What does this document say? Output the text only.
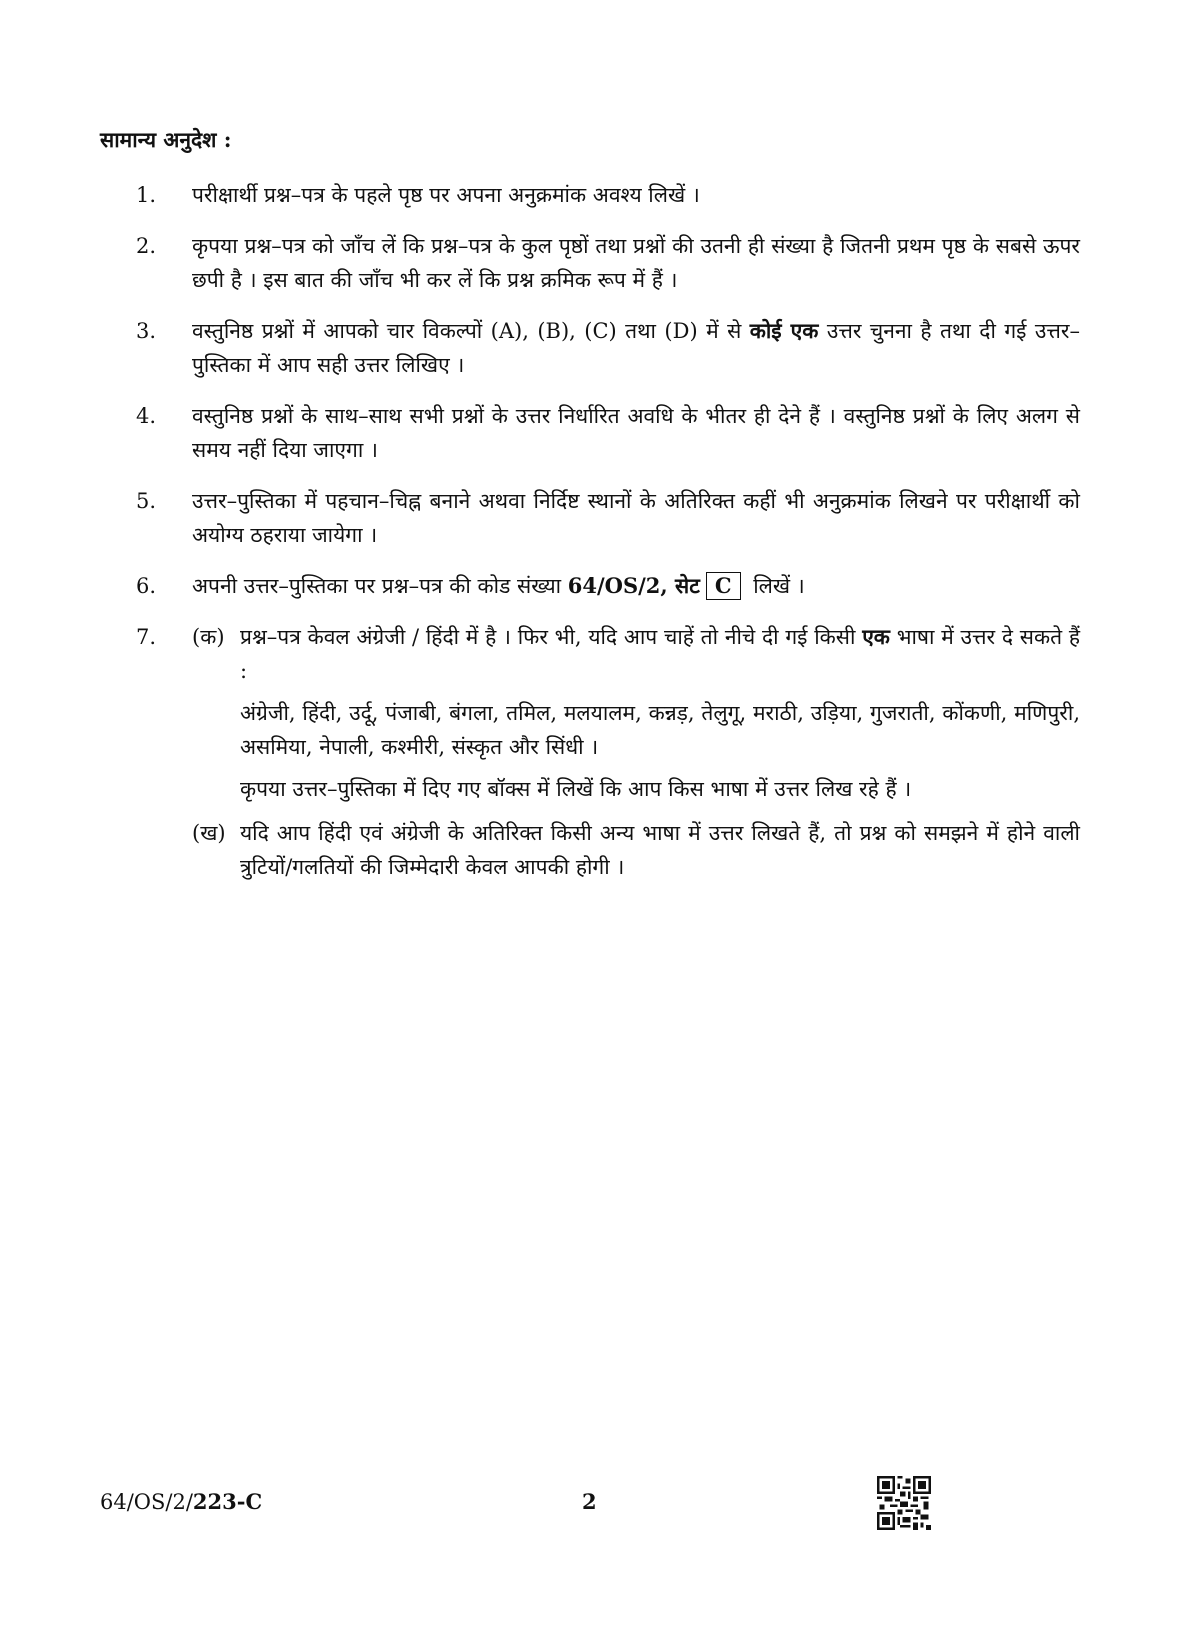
सामान्य अनुदेश :
1.	परीक्षार्थी प्रश्न–पत्र के पहले पृष्ठ पर अपना अनुक्रमांक अवश्य लिखें ।
2.	कृपया प्रश्न–पत्र को जाँच लें कि प्रश्न–पत्र के कुल पृष्ठों तथा प्रश्नों की उतनी ही संख्या है जितनी प्रथम पृष्ठ के सबसे ऊपर छपी है । इस बात की जाँच भी कर लें कि प्रश्न क्रमिक रूप में हैं ।
3.	वस्तुनिष्ठ प्रश्नों में आपको चार विकल्पों (A), (B), (C) तथा (D) में से कोई एक उत्तर चुनना है तथा दी गई उत्तर–पुस्तिका में आप सही उत्तर लिखिए ।
4.	वस्तुनिष्ठ प्रश्नों के साथ–साथ सभी प्रश्नों के उत्तर निर्धारित अवधि के भीतर ही देने हैं । वस्तुनिष्ठ प्रश्नों के लिए अलग से समय नहीं दिया जाएगा ।
5.	उत्तर–पुस्तिका में पहचान–चिह्न बनाने अथवा निर्दिष्ट स्थानों के अतिरिक्त कहीं भी अनुक्रमांक लिखने पर परीक्षार्थी को अयोग्य ठहराया जायेगा ।
6.	अपनी उत्तर–पुस्तिका पर प्रश्न–पत्र की कोड संख्या 64/OS/2, सेट C लिखें ।
7.	(क) प्रश्न–पत्र केवल अंग्रेजी / हिंदी में है । फिर भी, यदि आप चाहें तो नीचे दी गई किसी एक भाषा में उत्तर दे सकते हैं :
अंग्रेजी, हिंदी, उर्दू, पंजाबी, बंगला, तमिल, मलयालम, कन्नड़, तेलुगू, मराठी, उड़िया, गुजराती, कोंकणी, मणिपुरी, असमिया, नेपाली, कश्मीरी, संस्कृत और सिंधी ।
कृपया उत्तर–पुस्तिका में दिए गए बॉक्स में लिखें कि आप किस भाषा में उत्तर लिख रहे हैं ।
(ख) यदि आप हिंदी एवं अंग्रेजी के अतिरिक्त किसी अन्य भाषा में उत्तर लिखते हैं, तो प्रश्न को समझने में होने वाली त्रुटियों/गलतियों की जिम्मेदारी केवल आपकी होगी ।
64/OS/2/223-C	2
